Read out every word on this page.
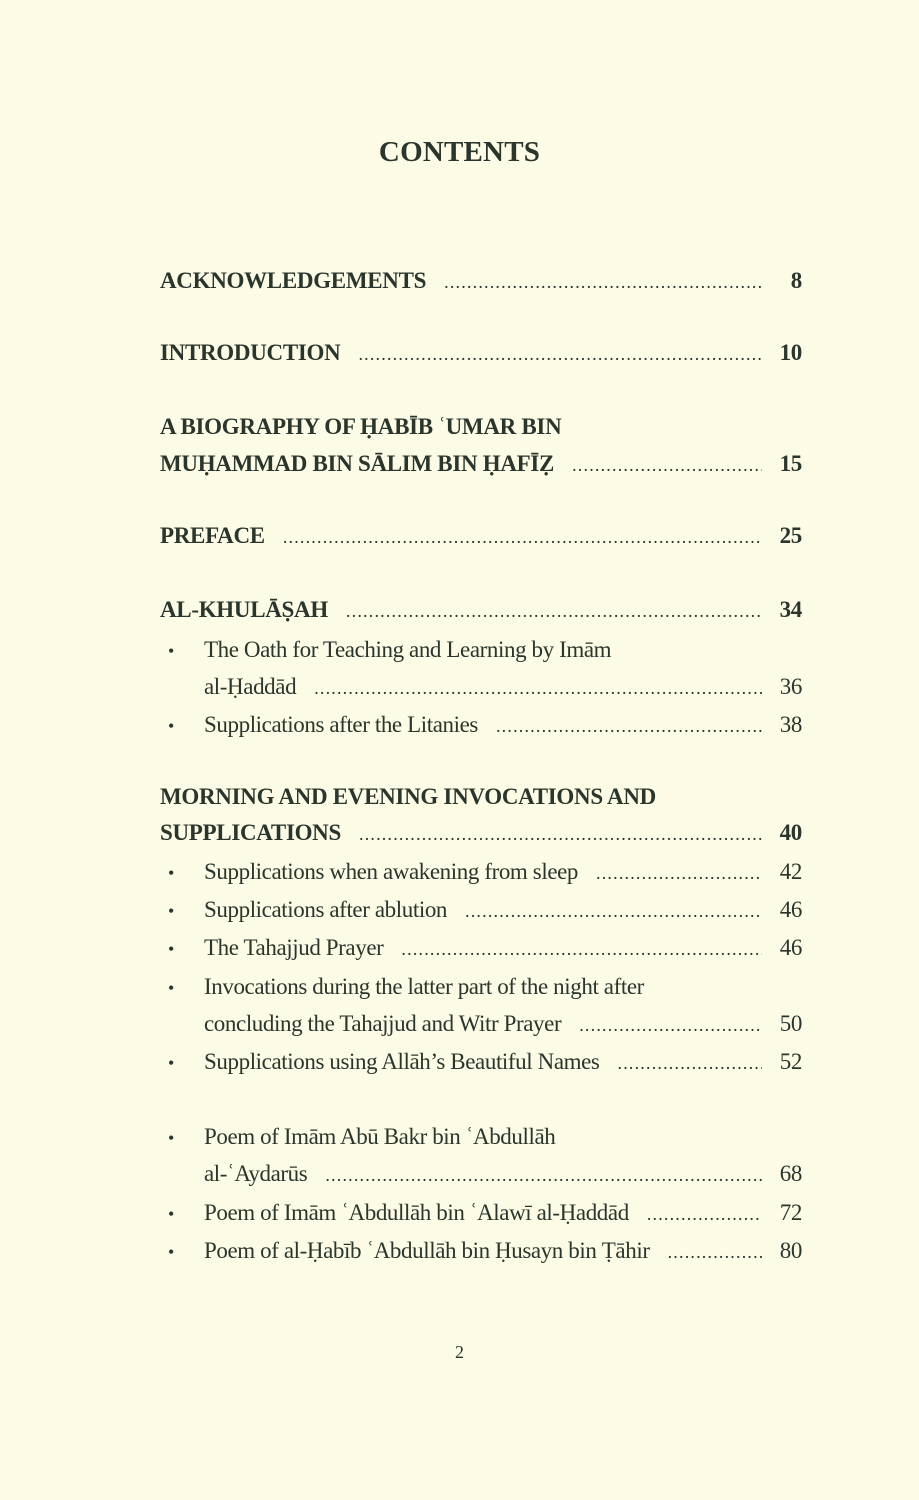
CONTENTS
ACKNOWLEDGEMENTS .....	8
INTRODUCTION .....	10
A BIOGRAPHY OF ḤABĪB ʿUMAR BIN
MUḤAMMAD BIN SĀLIM BIN ḤAFĪẒ .....	15
PREFACE .....	25
AL-KHULĀṢAH .....	34
•	The Oath for Teaching and Learning by Imām
al-Ḥaddād .....	36
•	Supplications after the Litanies .....	38
MORNING AND EVENING INVOCATIONS AND
SUPPLICATIONS .....	40
•	Supplications when awakening from sleep .....	42
•	Supplications after ablution .....	46
•	The Tahajjud Prayer .....	46
•	Invocations during the latter part of the night after
concluding the Tahajjud and Witr Prayer .....	50
•	Supplications using Allāh’s Beautiful Names .....	52
•	Poem of Imām Abū Bakr bin ʿAbdullāh
al-ʿAydarūs .....	68
•	Poem of Imām ʿAbdullāh bin ʿAlawī al-Ḥaddād .....	72
•	Poem of al-Ḥabīb ʿAbdullāh bin Ḥusayn bin Ṭāhir .....	80
2
